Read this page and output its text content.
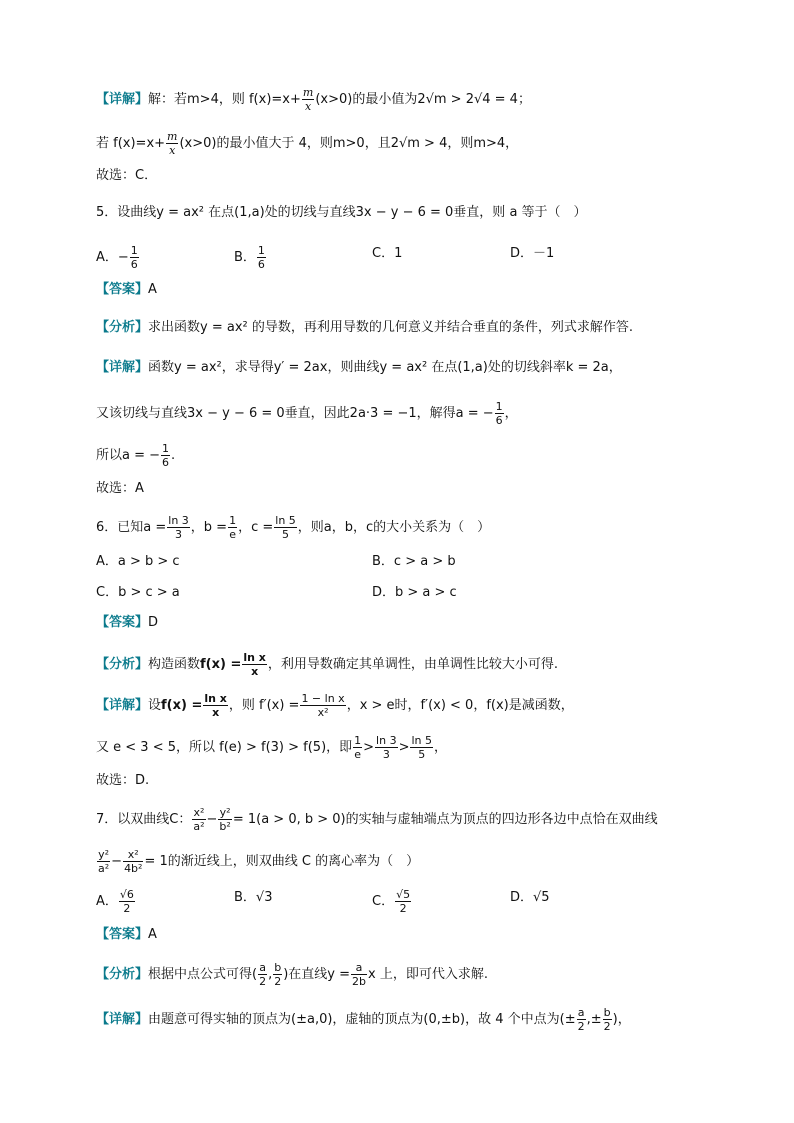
【详解】解：若m>4，则 $f(x)=x+ \frac{m}{x} (x>0)$的最小值为2√m > 2√4 = 4；
若 $f(x)=x+ \frac{m}{x} (x>0)$的最小值大于 4，则m>0，且2√m > 4，则m>4，
故选：C．
5．设曲线y = ax² 在点(1,a)处的切线与直线3x − y − 6 = 0垂直，则 a 等于（　）
A．− $\frac{1}{6}$	B． $\frac{1}{6}$	C．1	D．－1
【答案】A
【分析】求出函数y = ax² 的导数，再利用导数的几何意义并结合垂直的条件，列式求解作答.
【详解】函数y = ax²，求导得y′ = 2ax，则曲线y = ax² 在点(1,a)处的切线斜率k = 2a，
又该切线与直线3x − y − 6 = 0垂直，因此2a·3 = −1，解得a = − $\frac{1}{6}$ ，
所以a = − $\frac{1}{6}$ .
故选：A
6．已知$a = \frac{\ln 3}{3}$ ，$b = \frac{1}{e}$ ，$c = \frac{\ln 5}{5}$ ，则a，b，c的大小关系为（　）
A．a > b > c	B．c > a > b
C．b > c > a	D．b > a > c
【答案】D
【分析】构造函数$f(x) = \frac{\text{ln x}}{x}$ ，利用导数确定其单调性，由单调性比较大小可得.
【详解】设$f(x) = \frac{\text{ln x}}{x}$ ，则 $f'(x) = \frac{\text{1 − ln x}}{\text{x²}}$ ，x > e时，f′(x) < 0，f(x)是减函数，
又 e < 3 < 5，所以 f(e) > f(3) > f(5)，即 $\frac{1}{e} > \frac{\ln 3}{3} > \frac{\ln 5}{5}$ ，
故选：D.
7．以双曲线C： $\frac{\text{x²}}{\text{a²}} - \frac{\text{y²}}{\text{b²}} = 1(a > 0$, b > 0)的实轴与虚轴端点为顶点的四边形各边中点恰在双曲线
$\frac{\text{y²}}{\text{a²}} - \frac{\text{x²}}{\text{4b²}} = 1$的渐近线上，则双曲线 C 的离心率为（　）
A． $\frac{√6}{2}$	B．√3	C． $\frac{√5}{2}$	D．√5
【答案】A
【分析】根据中点公式可得( $\frac{a}{2}$ , $\frac{b}{2}$ )在直线$y = \frac{a}{2b}$ x 上，即可代入求解.
【详解】由题意可得实轴的顶点为(±a,0)，虚轴的顶点为(0,±b)，故 4 个中点为(± $\frac{a}{2}$ ,± $\frac{b}{2}$ )，
